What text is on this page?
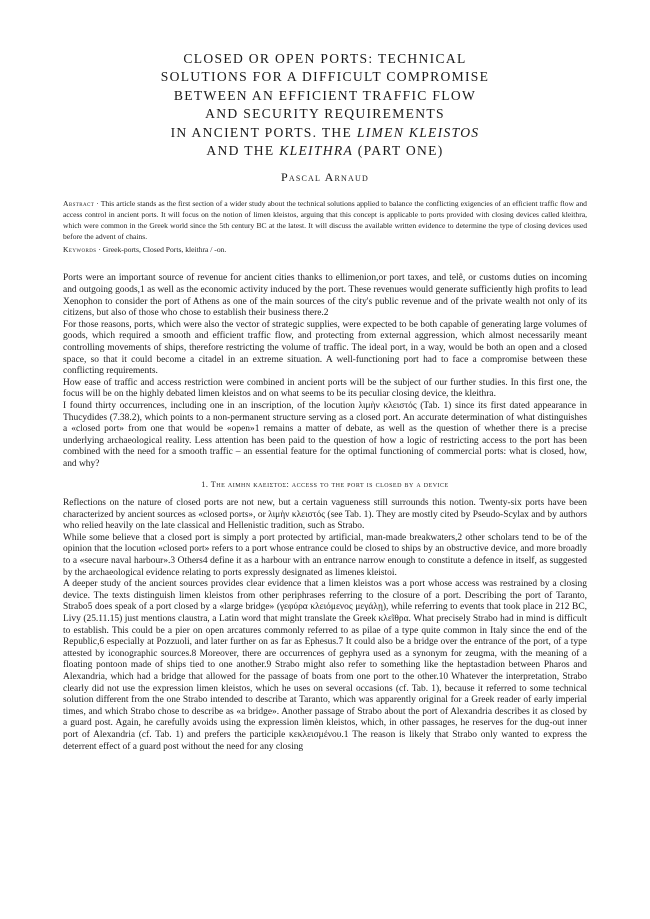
CLOSED OR OPEN PORTS: TECHNICAL
SOLUTIONS FOR A DIFFICULT COMPROMISE
BETWEEN AN EFFICIENT TRAFFIC FLOW
AND SECURITY REQUIREMENTS
IN ANCIENT PORTS. THE LIMEN KLEISTOS
AND THE KLEITHRA (PART ONE)
Pascal Arnaud
Abstract · This article stands as the first section of a wider study about the technical solutions applied to balance the conflicting exigencies of an efficient traffic flow and access control in ancient ports. It will focus on the notion of limen kleistos, arguing that this concept is applicable to ports provided with closing devices called kleithra, which were common in the Greek world since the 5th century BC at the latest. It will discuss the available written evidence to determine the type of closing devices used before the advent of chains.
Keywords · Greek-ports, Closed Ports, kleithra / -on.

Ports were an important source of revenue for ancient cities thanks to ellimenion,or port taxes, and telê, or customs duties on incoming and outgoing goods,1 as well as the economic activity induced by the port. These revenues would generate sufficiently high profits to lead Xenophon to consider the port of Athens as one of the main sources of the city's public revenue and of the private wealth not only of its citizens, but also of those who chose to establish their business there.2

For those reasons, ports, which were also the vector of strategic supplies, were expected to be both capable of generating large volumes of goods, which required a smooth and efficient traffic flow, and protecting from external aggression, which almost necessarily meant controlling movements of ships, therefore restricting the volume of traffic. The ideal port, in a way, would be both an open and a closed space, so that it could become a citadel in an extreme situation. A well-functioning port had to face a compromise between these conflicting requirements.

How ease of traffic and access restriction were combined in ancient ports will be the subject of our further studies. In this first one, the focus will be on the highly debated limen kleistos and on what seems to be its peculiar closing device, the kleithra.

I found thirty occurrences, including one in an inscription, of the locution λιμὴν κλειστός (Tab. 1) since its first dated appearance in Thucydides (7.38.2), which points to a non-permanent structure serving as a closed port. An accurate determination of what distinguishes a «closed port» from one that would be «open»1 remains a matter of debate, as well as the question of whether there is a precise underlying archaeological reality. Less attention has been paid to the question of how a logic of restricting access to the port has been combined with the need for a smooth traffic – an essential feature for the optimal functioning of commercial ports: what is closed, how, and why?

1. The λιμην κλειστος: access to the port is closed by a device

Reflections on the nature of closed ports are not new, but a certain vagueness still surrounds this notion. Twenty-six ports have been characterized by ancient sources as «closed ports», or λιμὴν κλειστός (see Tab. 1). They are mostly cited by Pseudo-Scylax and by authors who relied heavily on the late classical and Hellenistic tradition, such as Strabo.

While some believe that a closed port is simply a port protected by artificial, man-made breakwaters,2 other scholars tend to be of the opinion that the locution «closed port» refers to a port whose entrance could be closed to ships by an obstructive device, and more broadly to a «secure naval harbour».3 Others4 define it as a harbour with an entrance narrow enough to constitute a defence in itself, as suggested by the archaeological evidence relating to ports expressly designated as limenes kleistoi.

A deeper study of the ancient sources provides clear evidence that a limen kleistos was a port whose access was restrained by a closing device. The texts distinguish limen kleistos from other periphrases referring to the closure of a port. Describing the port of Taranto, Strabo5 does speak of a port closed by a «large bridge» (γεφύρα κλειόμενος μεγάλῃ), while referring to events that took place in 212 BC, Livy (25.11.15) just mentions claustra, a Latin word that might translate the Greek κλεῖθρα. What precisely Strabo had in mind is difficult to establish. This could be a pier on open arcatures commonly referred to as pilae of a type quite common in Italy since the end of the Republic,6 especially at Pozzuoli, and later further on as far as Ephesus.7 It could also be a bridge over the entrance of the port, of a type attested by iconographic sources.8 Moreover, there are occurrences of gephyra used as a synonym for zeugma, with the meaning of a floating pontoon made of ships tied to one another.9 Strabo might also refer to something like the heptastadion between Pharos and Alexandria, which had a bridge that allowed for the passage of boats from one port to the other.10 Whatever the interpretation, Strabo clearly did not use the expression limen kleistos, which he uses on several occasions (cf. Tab. 1), because it referred to some technical solution different from the one Strabo intended to describe at Taranto, which was apparently original for a Greek reader of early imperial times, and which Strabo chose to describe as «a bridge». Another passage of Strabo about the port of Alexandria describes it as closed by a guard post. Again, he carefully avoids using the expression limèn kleistos, which, in other passages, he reserves for the dug-out inner port of Alexandria (cf. Tab. 1) and prefers the participle κεκλεισμένου.1 The reason is likely that Strabo only wanted to express the deterrent effect of a guard post without the need for any closing
